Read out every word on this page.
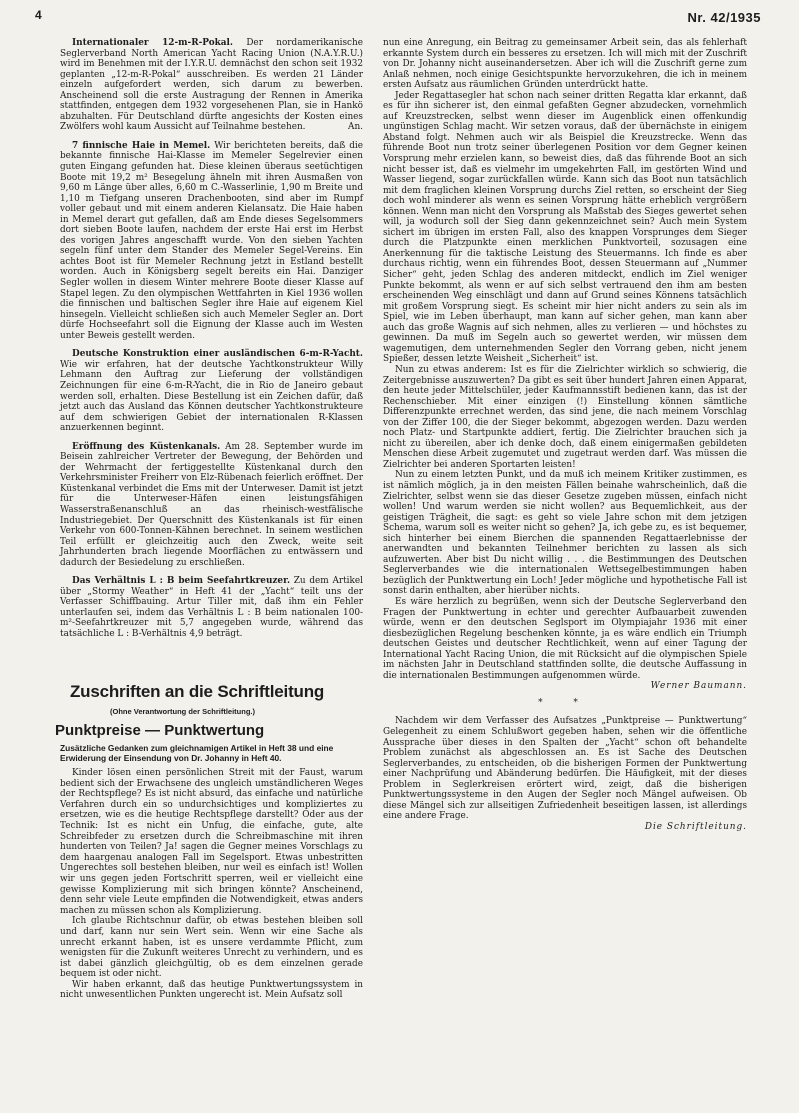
4	Nr. 42/1935

Internationaler 12-m-R-Pokal. Der nordamerikanische Seglerverband North American Yacht Racing Union (N.A.Y.R.U.) wird im Benehmen mit der I.Y.R.U. demnächst den schon seit 1932 geplanten „12-m-R-Pokal“ ausschreiben. Es werden 21 Länder einzeln aufgefordert werden, sich darum zu bewerben. Anscheinend soll die erste Austragung der Rennen in Amerika stattfinden, entgegen dem 1932 vorgesehenen Plan, sie in Hankö abzuhalten. Für Deutschland dürfte angesichts der Kosten eines Zwölfers wohl kaum Aussicht auf Teilnahme bestehen.	An.

7 finnische Haie in Memel. Wir berichteten bereits, daß die bekannte finnische Hai-Klasse im Memeler Segelrevier einen guten Eingang gefunden hat. Diese kleinen überaus seetüchtigen Boote mit 19,2 m² Besegelung ähneln mit ihren Ausmaßen von 9,60 m Länge über alles, 6,60 m C.-Wasserlinie, 1,90 m Breite und 1,10 m Tiefgang unseren Drachenbooten, sind aber im Rumpf voller gebaut und mit einem anderen Kielansatz. Die Haie haben in Memel derart gut gefallen, daß am Ende dieses Segelsommers dort sieben Boote laufen, nachdem der erste Hai erst im Herbst des vorigen Jahres angeschafft wurde. Von den sieben Yachten segeln fünf unter dem Stander des Memeler Segel-Vereins. Ein achtes Boot ist für Memeler Rechnung jetzt in Estland bestellt worden. Auch in Königsberg segelt bereits ein Hai. Danziger Segler wollen in diesem Winter mehrere Boote dieser Klasse auf Stapel legen. Zu den olympischen Wettfahrten in Kiel 1936 wollen die finnischen und baltischen Segler ihre Haie auf eigenem Kiel hinsegeln. Vielleicht schließen sich auch Memeler Segler an. Dort dürfe Hochseefahrt soll die Eignung der Klasse auch im Westen unter Beweis gestellt werden.

Deutsche Konstruktion einer ausländischen 6-m-R-Yacht. Wie wir erfahren, hat der deutsche Yachtkonstrukteur Willy Lehmann den Auftrag zur Lieferung der vollständigen Zeichnungen für eine 6-m-R-Yacht, die in Rio de Janeiro gebaut werden soll, erhalten. Diese Bestellung ist ein Zeichen dafür, daß jetzt auch das Ausland das Können deutscher Yachtkonstrukteure auf dem schwierigen Gebiet der internationalen R-Klassen anzuerkennen beginnt.

Eröffnung des Küstenkanals. Am 28. September wurde im Beisein zahlreicher Vertreter der Bewegung, der Behörden und der Wehrmacht der fertiggestellte Küstenkanal durch den Verkehrsminister Freiherr von Elz-Rübenach feierlich eröffnet. Der Küstenkanal verbindet die Ems mit der Unterweser. Damit ist jetzt für die Unterweser-Häfen einen leistungsfähigen Wasserstraßenanschluß an das rheinisch-westfälische Industriegebiet. Der Querschnitt des Küstenkanals ist für einen Verkehr von 600-Tonnen-Kähnen berechnet. In seinem westlichen Teil erfüllt er gleichzeitig auch den Zweck, weite seit Jahrhunderten brach liegende Moorflächen zu entwässern und dadurch der Besiedelung zu erschließen.

Das Verhältnis L : B beim Seefahrtkreuzer. Zu dem Artikel über „Stormy Weather“ in Heft 41 der „Yacht“ teilt uns der Verfasser Schiffbauing. Artur Tiller mit, daß ihm ein Fehler unterlaufen sei, indem das Verhältnis L : B beim nationalen 100-m²-Seefahrtkreuzer mit 5,7 angegeben wurde, während das tatsächliche L : B-Verhältnis 4,9 beträgt.

Zuschriften an die Schriftleitung
(Ohne Verantwortung der Schriftleitung.)
Punktpreise — Punktwertung
Zusätzliche Gedanken zum gleichnamigen Artikel in Heft 38 und eine Erwiderung der Einsendung von Dr. Johanny in Heft 40.

Kinder lösen einen persönlichen Streit mit der Faust, warum bedient sich der Erwachsene des ungleich umständlicheren Weges der Rechtspflege? Es ist nicht absurd, das einfache und natürliche Verfahren durch ein so undurchsichtiges und kompliziertes zu ersetzen, wie es die heutige Rechtspflege darstellt? Oder aus der Technik: Ist es nicht ein Unfug, die einfache, gute, alte Schreibfeder zu ersetzen durch die Schreibmaschine mit ihren hunderten von Teilen? Ja! sagen die Gegner meines Vorschlags zu dem haargenau analogen Fall im Segelsport. Etwas unbestritten Ungerechtes soll bestehen bleiben, nur weil es einfach ist! Wollen wir uns gegen jeden Fortschritt sperren, weil er vielleicht eine gewisse Komplizierung mit sich bringen könnte? Anscheinend, denn sehr viele Leute empfinden die Notwendigkeit, etwas anders machen zu müssen schon als Komplizierung.

Ich glaube Richtschnur dafür, ob etwas bestehen bleiben soll und darf, kann nur sein Wert sein. Wenn wir eine Sache als unrecht erkannt haben, ist es unsere verdammte Pflicht, zum wenigsten für die Zukunft weiteres Unrecht zu verhindern, und es ist dabei gänzlich gleichgültig, ob es dem einzelnen gerade bequem ist oder nicht.

Wir haben erkannt, daß das heutige Punktwertungssystem in nicht unwesentlichen Punkten ungerecht ist. Mein Aufsatz soll

nun eine Anregung, ein Beitrag zu gemeinsamer Arbeit sein, das als fehlerhaft erkannte System durch ein besseres zu ersetzen. Ich will mich mit der Zuschrift von Dr. Johanny nicht auseinandersetzen. Aber ich will die Zuschrift gerne zum Anlaß nehmen, noch einige Gesichtspunkte hervorzukehren, die ich in meinem ersten Aufsatz aus räumlichen Gründen unterdrückt hatte.

Jeder Regattasegler hat schon nach seiner dritten Regatta klar erkannt, daß es für ihn sicherer ist, den einmal gefaßten Gegner abzudecken, vornehmlich auf Kreuzstrecken, selbst wenn dieser im Augenblick einen offenkundig ungünstigen Schlag macht. Wir setzen voraus, daß der übernächste in einigem Abstand folgt. Nehmen auch wir als Beispiel die Kreuzstrecke. Wenn das führende Boot nun trotz seiner überlegenen Position vor dem Gegner keinen Vorsprung mehr erzielen kann, so beweist dies, daß das führende Boot an sich nicht besser ist, daß es vielmehr im umgekehrten Fall, im gestörten Wind und Wasser liegend, sogar zurückfallen würde. Kann sich das Boot nun tatsächlich mit dem fraglichen kleinen Vorsprung durchs Ziel retten, so erscheint der Sieg doch wohl minderer als wenn es seinen Vorsprung hätte erheblich vergrößern können. Wenn man nicht den Vorsprung als Maßstab des Sieges gewertet sehen will, ja wodurch soll der Sieg dann gekennzeichnet sein? Auch mein System sichert im übrigen im ersten Fall, also des knappen Vorsprunges dem Sieger durch die Platzpunkte einen merklichen Punktvorteil, sozusagen eine Anerkennung für die taktische Leistung des Steuermanns. Ich finde es aber durchaus richtig, wenn ein führendes Boot, dessen Steuermann auf „Nummer Sicher“ geht, jeden Schlag des anderen mitdeckt, endlich im Ziel weniger Punkte bekommt, als wenn er auf sich selbst vertrauend den ihm am besten erscheinenden Weg einschlägt und dann auf Grund seines Könnens tatsächlich mit großem Vorsprung siegt. Es scheint mir hier nicht anders zu sein als im Spiel, wie im Leben überhaupt, man kann auf sicher gehen, man kann aber auch das große Wagnis auf sich nehmen, alles zu verlieren — und höchstes zu gewinnen. Da muß im Segeln auch so gewertet werden, wir müssen dem wagemutigen, dem unternehmenden Segler den Vorrang geben, nicht jenem Spießer, dessen letzte Weisheit „Sicherheit“ ist.

Nun zu etwas anderem: Ist es für die Zielrichter wirklich so schwierig, die Zeitergebnisse auszuwerten? Da gibt es seit über hundert Jahren einen Apparat, den heute jeder Mittelschüler, jeder Kaufmannsstift bedienen kann, das ist der Rechenschieber. Mit einer einzigen (!) Einstellung können sämtliche Differenzpunkte errechnet werden, das sind jene, die nach meinem Vorschlag von der Ziffer 100, die der Sieger bekommt, abgezogen werden. Dazu werden noch Platz- und Startpunkte addiert, fertig. Die Zielrichter brauchen sich ja nicht zu übereilen, aber ich denke doch, daß einem einigermaßen gebildeten Menschen diese Arbeit zugemutet und zugetraut werden darf. Was müssen die Zielrichter bei anderen Sportarten leisten!

Nun zu einem letzten Punkt, und da muß ich meinem Kritiker zustimmen, es ist nämlich möglich, ja in den meisten Fällen beinahe wahrscheinlich, daß die Zielrichter, selbst wenn sie das dieser Gesetze zugeben müssen, einfach nicht wollen! Und warum werden sie nicht wollen? aus Bequemlichkeit, aus der geistigen Trägheit, die sagt: es geht so viele Jahre schon mit dem jetzigen Schema, warum soll es weiter nicht so gehen? Ja, ich gebe zu, es ist bequemer, sich hinterher bei einem Bierchen die spannenden Regattaerlebnisse der anerwandten und bekannten Teilnehmer berichten zu lassen als sich aufzuwerten. Aber bist Du nicht willig . . . die Bestimmungen des Deutschen Seglerverbandes wie die internationalen Wettsegelbestimmungen haben bezüglich der Punktwertung ein Loch! Jeder mögliche und hypothetische Fall ist sonst darin enthalten, aber hierüber nichts.

Es wäre herzlich zu begrüßen, wenn sich der Deutsche Seglerverband den Fragen der Punktwertung in echter und gerechter Aufbauarbeit zuwenden würde, wenn er den deutschen Seglsport im Olympiajahr 1936 mit einer diesbezüglichen Regelung beschenken könnte, ja es wäre endlich ein Triumph deutschen Geistes und deutscher Rechtlichkeit, wenn auf einer Tagung der International Yacht Racing Union, die mit Rücksicht auf die olympischen Spiele im nächsten Jahr in Deutschland stattfinden sollte, die deutsche Auffassung in die internationalen Bestimmungen aufgenommen würde.

Werner Baumann.

* *

Nachdem wir dem Verfasser des Aufsatzes „Punktpreise — Punktwertung“ Gelegenheit zu einem Schlußwort gegeben haben, sehen wir die öffentliche Aussprache über dieses in den Spalten der „Yacht“ schon oft behandelte Problem zunächst als abgeschlossen an. Es ist Sache des Deutschen Seglerverbandes, zu entscheiden, ob die bisherigen Formen der Punktwertung einer Nachprüfung und Abänderung bedürfen. Die Häufigkeit, mit der dieses Problem in Seglerkreisen erörtert wird, zeigt, daß die bisherigen Punktwertungssysteme in den Augen der Segler noch Mängel aufweisen. Ob diese Mängel sich zur allseitigen Zufriedenheit beseitigen lassen, ist allerdings eine andere Frage.

Die Schriftleitung.
